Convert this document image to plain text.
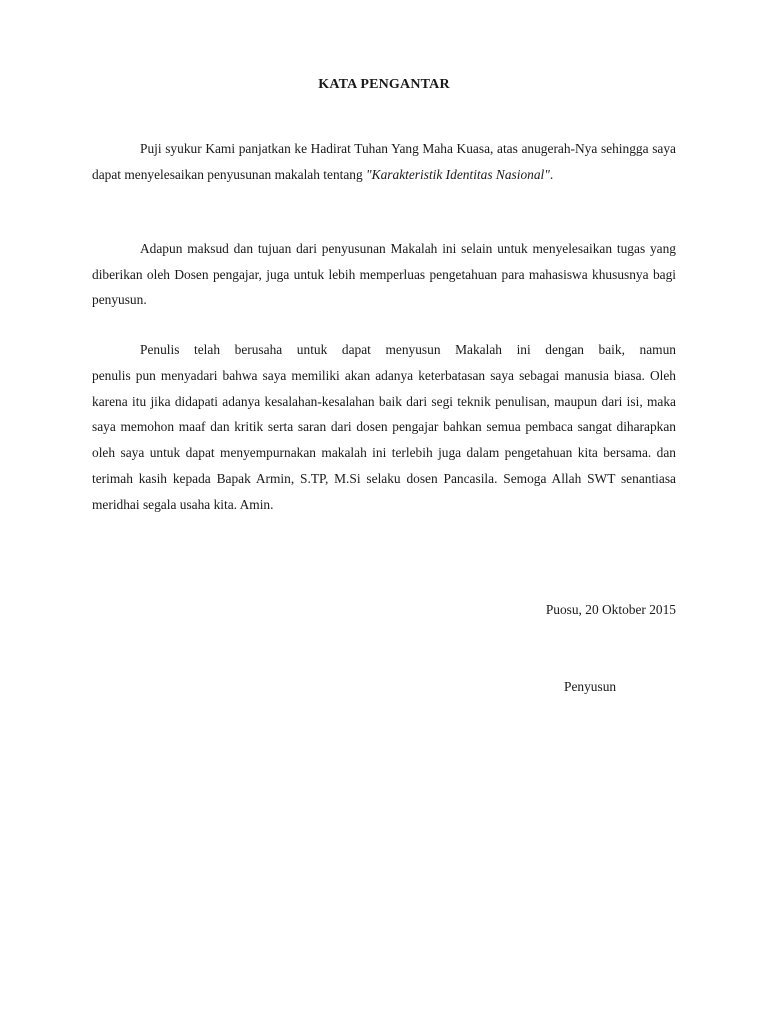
KATA PENGANTAR

Puji syukur Kami panjatkan ke Hadirat Tuhan Yang Maha Kuasa, atas anugerah-Nya sehingga saya dapat menyelesaikan penyusunan makalah tentang "Karakteristik Identitas Nasional".

Adapun maksud dan tujuan dari penyusunan Makalah ini selain untuk menyelesaikan tugas yang diberikan oleh Dosen pengajar, juga untuk lebih memperluas pengetahuan para mahasiswa khususnya bagi penyusun.

Penulis telah berusaha untuk dapat menyusun Makalah ini dengan baik, namun

penulis pun menyadari bahwa saya memiliki akan adanya keterbatasan saya sebagai manusia biasa. Oleh karena itu jika didapati adanya kesalahan-kesalahan baik dari segi teknik penulisan, maupun dari isi, maka saya memohon maaf dan kritik serta saran dari dosen pengajar bahkan semua pembaca sangat diharapkan oleh saya untuk dapat menyempurnakan makalah ini terlebih juga dalam pengetahuan kita bersama. dan terimah kasih kepada Bapak Armin, S.TP, M.Si selaku dosen Pancasila. Semoga Allah SWT senantiasa meridhai segala usaha kita. Amin.

Puosu, 20 Oktober 2015
Penyusun
